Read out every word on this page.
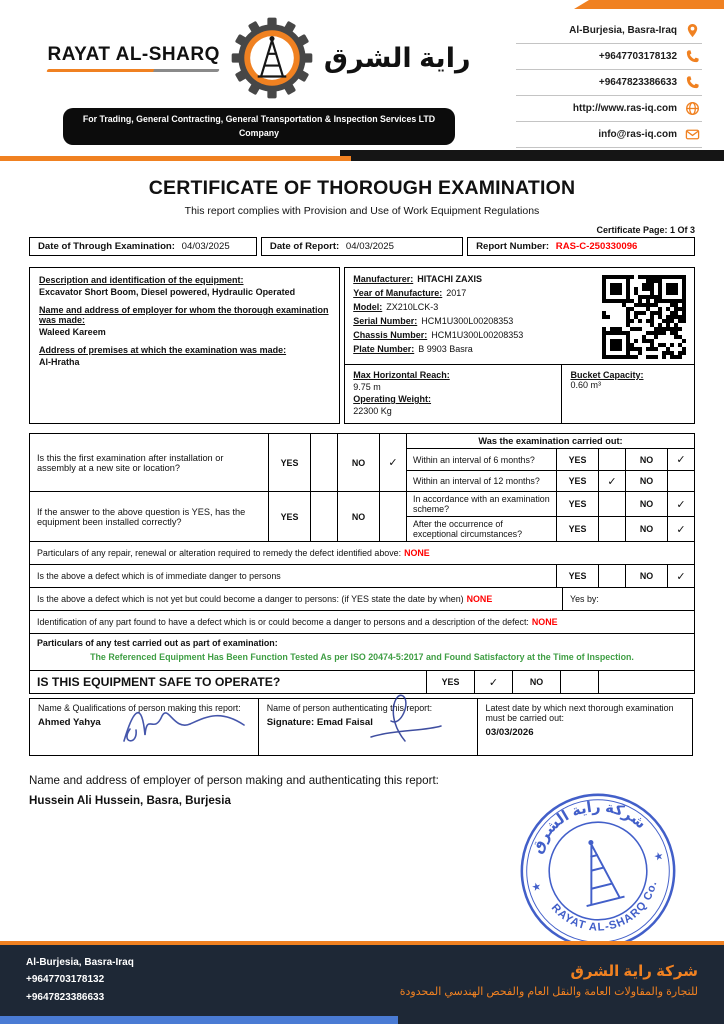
RAYAT AL-SHARQ	راية الشرق
For Trading, General Contracting, General Transportation & Inspection Services LTD Company
Al-Burjesia, Basra-Iraq
+9647703178132
+9647823386633
http://www.ras-iq.com
info@ras-iq.com
CERTIFICATE OF THOROUGH EXAMINATION
This report complies with Provision and Use of Work Equipment Regulations
Certificate Page: 1 Of 3
Date of Through Examination: 04/03/2025	Date of Report: 04/03/2025	Report Number: RAS-C-250330096
Description and identification of the equipment:
Excavator Short Boom, Diesel powered, Hydraulic Operated
Name and address of employer for whom the thorough examination was made:
Waleed Kareem
Address of premises at which the examination was made:
Al-Hratha
Manufacturer: HITACHI ZAXIS
Year of Manufacture: 2017
Model: ZX210LCK-3
Serial Number: HCM1U300L00208353
Chassis Number: HCM1U300L00208353
Plate Number: B 9903 Basra
Max Horizontal Reach:
9.75 m
Operating Weight:
22300 Kg
Bucket Capacity:
0.60 m³
Is this the first examination after installation or assembly at a new site or location?	YES	NO	✓
Was the examination carried out:
Within an interval of 6 months?	YES	NO	✓
Within an interval of 12 months?	YES	✓	NO
If the answer to the above question is YES, has the equipment been installed correctly?	YES	NO
In accordance with an examination scheme?	YES	NO	✓
After the occurrence of exceptional circumstances?	YES	NO	✓
Particulars of any repair, renewal or alteration required to remedy the defect identified above: NONE
Is the above a defect which is of immediate danger to persons	YES	NO	✓
Is the above a defect which is not yet but could become a danger to persons: (if YES state the date by when) NONE	Yes by:
Identification of any part found to have a defect which is or could become a danger to persons and a description of the defect: NONE
Particulars of any test carried out as part of examination:
The Referenced Equipment Has Been Function Tested As per ISO 20474-5:2017 and Found Satisfactory at the Time of Inspection.
IS THIS EQUIPMENT SAFE TO OPERATE?	YES	✓	NO
Name & Qualifications of person making this report:
Ahmed Yahya
Name of person authenticating this report:
Signature: Emad Faisal
Latest date by which next thorough examination must be carried out:
03/03/2026
Name and address of employer of person making and authenticating this report:
Hussein Ali Hussein, Basra, Burjesia
شركة راية الشرق
RAYAT AL-SHARQ Co.
★
★
Al-Burjesia, Basra-Iraq
+9647703178132
+9647823386633
شركة راية الشرق
للتجارة والمقاولات العامة والنقل العام والفحص الهندسي المحدودة
